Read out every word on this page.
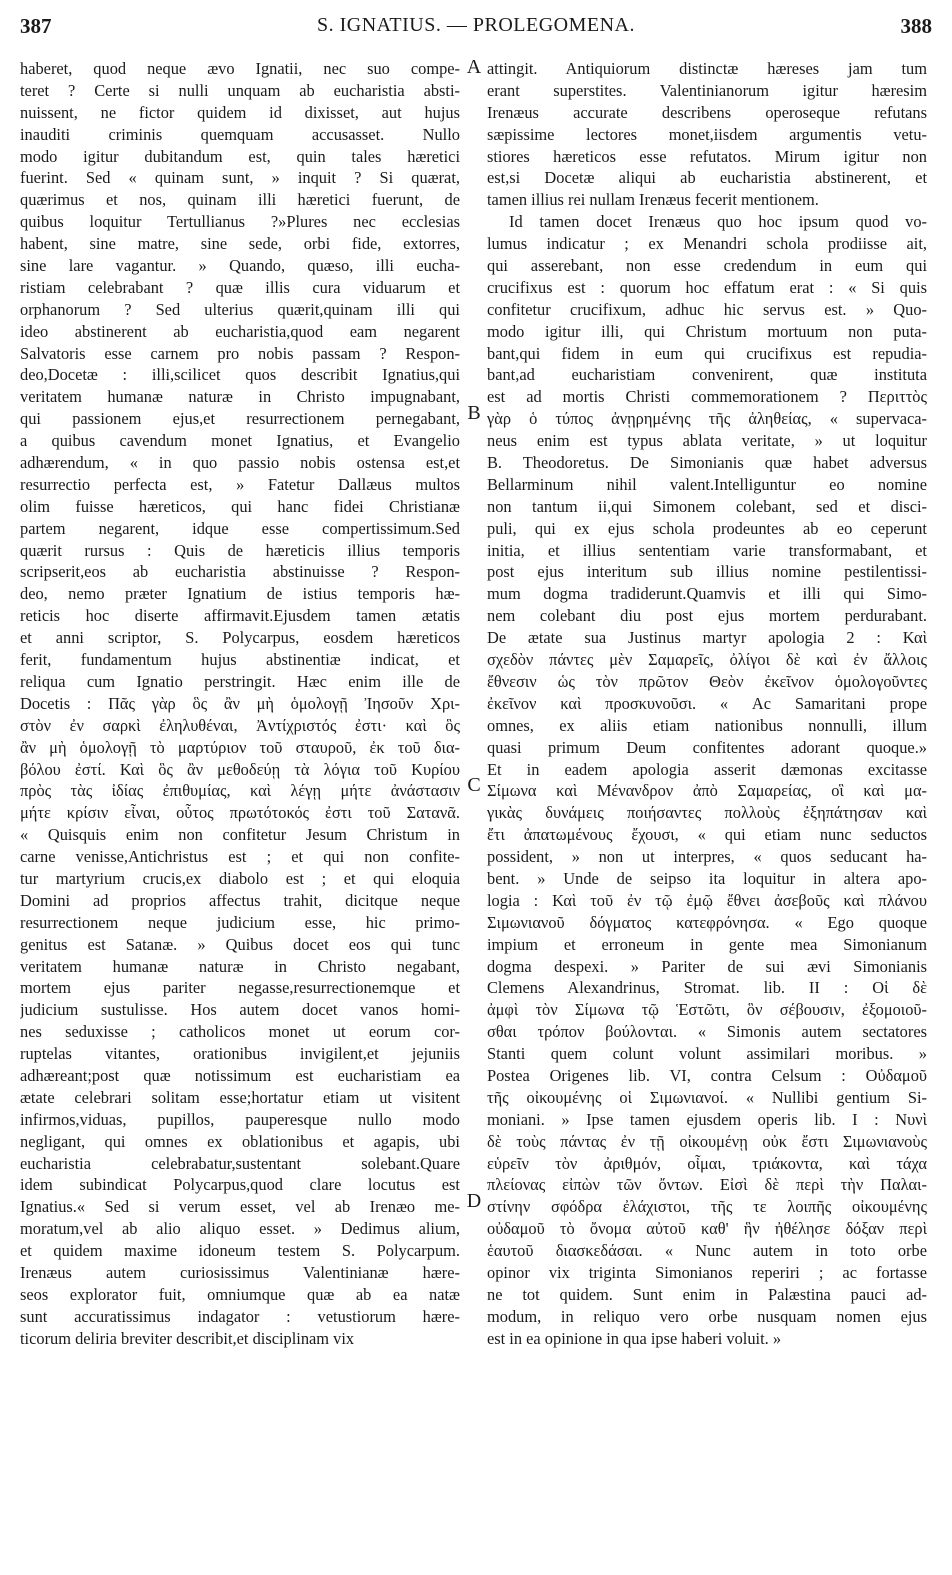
387	S. IGNATIUS. — PROLEGOMENA.	388
haberet, quod neque ævo Ignatii, nec suo compe-
teret ? Certe si nulli unquam ab eucharistia absti-
nuissent, ne fictor quidem id dixisset, aut hujus
inauditi criminis quemquam accusasset. Nullo
modo igitur dubitandum est, quin tales hæretici
fuerint. Sed « quinam sunt, » inquit ? Si quærat,
quærimus et nos, quinam illi hæretici fuerunt, de
quibus loquitur Tertullianus ?»Plures nec ecclesias
habent, sine matre, sine sede, orbi fide, extorres,
sine lare vagantur. » Quando, quæso, illi eucha-
ristiam celebrabant ? quæ illis cura viduarum et
orphanorum ? Sed ulterius quærit,quinam illi qui
ideo abstinerent ab eucharistia,quod eam negarent
Salvatoris esse carnem pro nobis passam ? Respon-
deo,Docetæ : illi,scilicet quos describit Ignatius,qui
veritatem humanæ naturæ in Christo impugnabant,
qui passionem ejus,et resurrectionem pernegabant,
a quibus cavendum monet Ignatius, et Evangelio
adhærendum, « in quo passio nobis ostensa est,et
resurrectio perfecta est, » Fatetur Dallæus multos
olim fuisse hæreticos, qui hanc fidei Christianæ
partem negarent, idque esse compertissimum.Sed
quærit rursus : Quis de hæreticis illius temporis
scripserit,eos ab eucharistia abstinuisse ? Respon-
deo, nemo præter Ignatium de istius temporis hæ-
reticis hoc diserte affirmavit.Ejusdem tamen ætatis
et anni scriptor, S. Polycarpus, eosdem hæreticos
ferit, fundamentum hujus abstinentiæ indicat, et
reliqua cum Ignatio perstringit. Hæc enim ille de
Docetis : Πᾶς γὰρ ὃς ἂν μὴ ὁμολογῇ Ἰησοῦν Χρι-
στὸν ἐν σαρκὶ ἐληλυθέναι, Ἀντίχριστός ἐστι· καὶ ὃς
ἂν μὴ ὁμολογῇ τὸ μαρτύριον τοῦ σταυροῦ, ἐκ τοῦ δια-
βόλου ἐστί. Καὶ ὃς ἂν μεθοδεύῃ τὰ λόγια τοῦ Κυρίου
πρὸς τὰς ἰδίας ἐπιθυμίας, καὶ λέγῃ μήτε ἀνάστασιν
μήτε κρίσιν εἶναι, οὗτος πρωτότοκός ἐστι τοῦ Σατανᾶ.
« Quisquis enim non confitetur Jesum Christum in
carne venisse,Antichristus est ; et qui non confite-
tur martyrium crucis,ex diabolo est ; et qui eloquia
Domini ad proprios affectus trahit, dicitque neque
resurrectionem neque judicium esse, hic primo-
genitus est Satanæ. » Quibus docet eos qui tunc
veritatem humanæ naturæ in Christo negabant,
mortem ejus pariter negasse,resurrectionemque et
judicium sustulisse. Hos autem docet vanos homi-
nes seduxisse ; catholicos monet ut eorum cor-
ruptelas vitantes, orationibus invigilent,et jejuniis
adhæreant;post quæ notissimum est eucharistiam ea
ætate celebrari solitam esse;hortatur etiam ut visitent
infirmos,viduas, pupillos, pauperesque nullo modo
negligant, qui omnes ex oblationibus et agapis, ubi
eucharistia celebrabatur,sustentant solebant.Quare
idem subindicat Polycarpus,quod clare locutus est
Ignatius.« Sed si verum esset, vel ab Irenæo me-
moratum,vel ab alio aliquo esset. » Dedimus alium,
et quidem maxime idoneum testem S. Polycarpum.
Irenæus autem curiosissimus Valentinianæ hære-
seos explorator fuit, omniumque quæ ab ea natæ
sunt accuratissimus indagator : vetustiorum hære-
ticorum deliria breviter describit,et disciplinam vix
attingit. Antiquiorum distinctæ hæreses jam tum
erant superstites. Valentinianorum igitur hæresim
Irenæus accurate describens operoseque refutans
sæpissime lectores monet,iisdem argumentis vetu-
stiores hæreticos esse refutatos. Mirum igitur non
est,si Docetæ aliqui ab eucharistia abstinerent, et
tamen illius rei nullam Irenæus fecerit mentionem.
Id tamen docet Irenæus quo hoc ipsum quod vo-
lumus indicatur ; ex Menandri schola prodiisse ait,
qui asserebant, non esse credendum in eum qui
crucifixus est : quorum hoc effatum erat : « Si quis
confitetur crucifixum, adhuc hic servus est. » Quo-
modo igitur illi, qui Christum mortuum non puta-
bant,qui fidem in eum qui crucifixus est repudia-
bant,ad eucharistiam convenirent, quæ instituta
est ad mortis Christi commemorationem ? Περιττὸς
γὰρ ὁ τύπος ἀνῃρημένης τῆς ἀληθείας, « supervaca-
neus enim est typus ablata veritate, » ut loquitur
B. Theodoretus. De Simonianis quæ habet adversus
Bellarminum nihil valent.Intelliguntur eo nomine
non tantum ii,qui Simonem colebant, sed et disci-
puli, qui ex ejus schola prodeuntes ab eo ceperunt
initia, et illius sententiam varie transformabant, et
post ejus interitum sub illius nomine pestilentissi-
mum dogma tradiderunt.Quamvis et illi qui Simo-
nem colebant diu post ejus mortem perdurabant.
De ætate sua Justinus martyr apologia 2 : Καὶ
σχεδὸν πάντες μὲν Σαμαρεῖς, ὀλίγοι δὲ καὶ ἐν ἄλλοις
ἔθνεσιν ὡς τὸν πρῶτον Θεὸν ἐκεῖνον ὁμολογοῦντες
ἐκεῖνον καὶ προσκυνοῦσι. « Ac Samaritani prope
omnes, ex aliis etiam nationibus nonnulli, illum
quasi primum Deum confitentes adorant quoque.»
Et in eadem apologia asserit dæmonas excitasse
Σίμωνα καὶ Μένανδρον ἀπὸ Σαμαρείας, οἳ καὶ μα-
γικὰς δυνάμεις ποιήσαντες πολλοὺς ἐξηπάτησαν καὶ
ἔτι ἀπατωμένους ἔχουσι, « qui etiam nunc seductos
possident, » non ut interpres, « quos seducant ha-
bent. » Unde de seipso ita loquitur in altera apo-
logia : Καὶ τοῦ ἐν τῷ ἐμῷ ἔθνει ἀσεβοῦς καὶ πλάνου
Σιμωνιανοῦ δόγματος κατεφρόνησα. « Ego quoque
impium et erroneum in gente mea Simonianum
dogma despexi. » Pariter de sui ævi Simonianis
Clemens Alexandrinus, Stromat. lib. II : Οἱ δὲ
ἀμφὶ τὸν Σίμωνα τῷ Ἑστῶτι, ὃν σέβουσιν, ἐξομοιοῦ-
σθαι τρόπον βούλονται. « Simonis autem sectatores
Stanti quem colunt volunt assimilari moribus. »
Postea Origenes lib. VI, contra Celsum : Οὐδαμοῦ
τῆς οἰκουμένης οἱ Σιμωνιανοί. « Nullibi gentium Si-
moniani. » Ipse tamen ejusdem operis lib. I : Νυνὶ
δὲ τοὺς πάντας ἐν τῇ οἰκουμένῃ οὐκ ἔστι Σιμωνιανοὺς
εὑρεῖν τὸν ἀριθμόν, οἶμαι, τριάκοντα, καὶ τάχα
πλείονας εἰπὼν τῶν ὄντων. Εἰσὶ δὲ περὶ τὴν Παλαι-
στίνην σφόδρα ἐλάχιστοι, τῆς τε λοιπῆς οἰκουμένης
οὐδαμοῦ τὸ ὄνομα αὐτοῦ καθ' ἣν ἠθέλησε δόξαν περὶ
ἑαυτοῦ διασκεδάσαι. « Nunc autem in toto orbe
opinor vix triginta Simonianos reperiri ; ac fortasse
ne tot quidem. Sunt enim in Palæstina pauci ad-
modum, in reliquo vero orbe nusquam nomen ejus
est in ea opinione in qua ipse haberi voluit. »
A
B
C
D
